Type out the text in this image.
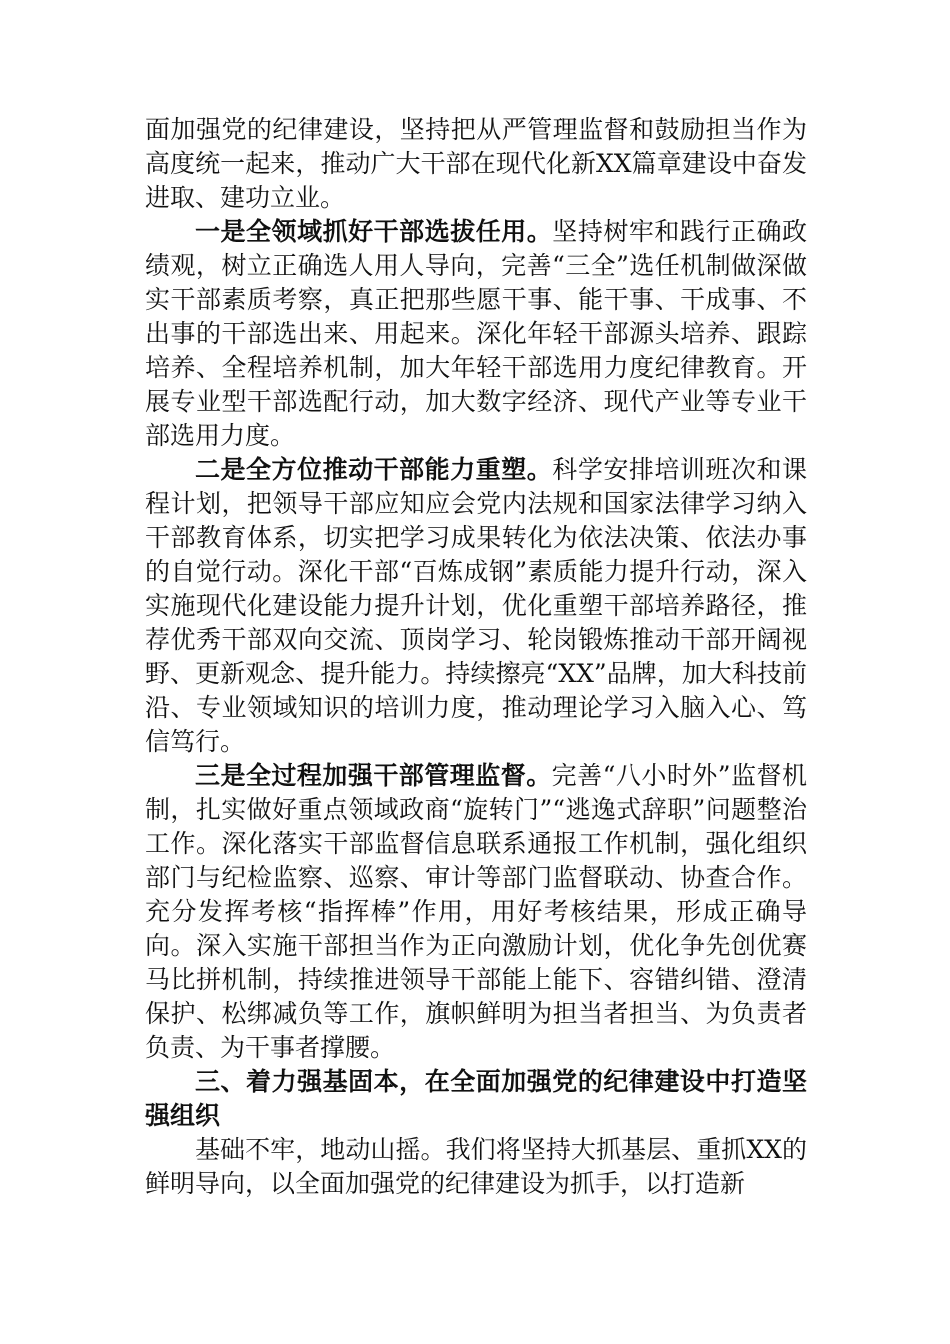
面加强党的纪律建设，坚持把从严管理监督和鼓励担当作为高度统一起来，推动广大干部在现代化新XX篇章建设中奋发进取、建功立业。

一是全领域抓好干部选拔任用。坚持树牢和践行正确政绩观，树立正确选人用人导向，完善“三全”选任机制做深做实干部素质考察，真正把那些愿干事、能干事、干成事、不出事的干部选出来、用起来。深化年轻干部源头培养、跟踪培养、全程培养机制，加大年轻干部选用力度纪律教育。开展专业型干部选配行动，加大数字经济、现代产业等专业干部选用力度。

二是全方位推动干部能力重塑。科学安排培训班次和课程计划，把领导干部应知应会党内法规和国家法律学习纳入干部教育体系，切实把学习成果转化为依法决策、依法办事的自觉行动。深化干部“百炼成钢”素质能力提升行动，深入实施现代化建设能力提升计划，优化重塑干部培养路径，推荐优秀干部双向交流、顶岗学习、轮岗锻炼推动干部开阔视野、更新观念、提升能力。持续擦亮“XX”品牌，加大科技前沿、专业领域知识的培训力度，推动理论学习入脑入心、笃信笃行。

三是全过程加强干部管理监督。完善“八小时外”监督机制，扎实做好重点领域政商“旋转门”“逃逸式辞职”问题整治工作。深化落实干部监督信息联系通报工作机制，强化组织部门与纪检监察、巡察、审计等部门监督联动、协查合作。充分发挥考核“指挥棒”作用，用好考核结果，形成正确导向。深入实施干部担当作为正向激励计划，优化争先创优赛马比拼机制，持续推进领导干部能上能下、容错纠错、澄清保护、松绑减负等工作，旗帜鲜明为担当者担当、为负责者负责、为干事者撑腰。

三、着力强基固本，在全面加强党的纪律建设中打造坚强组织

基础不牢，地动山摇。我们将坚持大抓基层、重抓XX的鲜明导向，以全面加强党的纪律建设为抓手，以打造新
